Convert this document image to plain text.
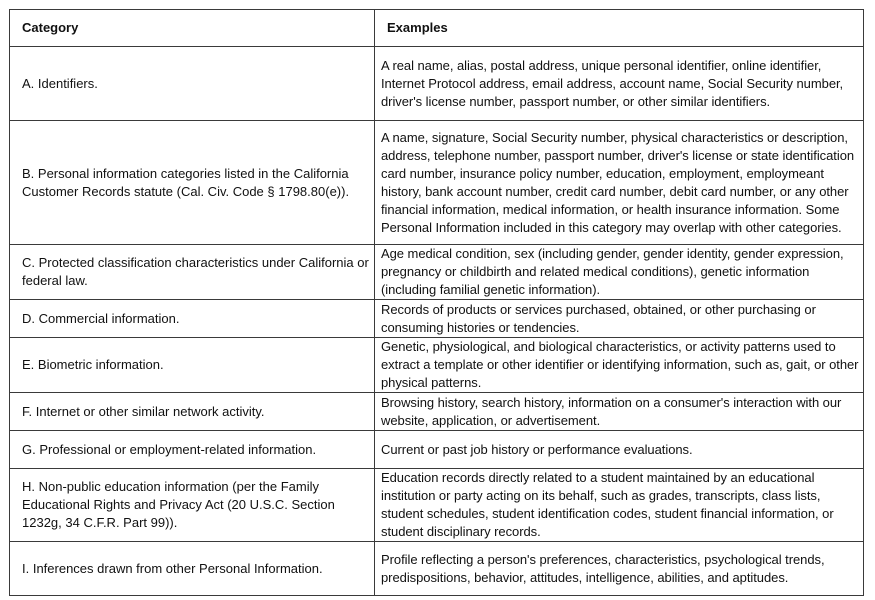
Category	Examples
A. Identifiers.	A real name, alias, postal address, unique personal identifier, online identifier, Internet Protocol address, email address, account name, Social Security number, driver's license number, passport number, or other similar identifiers.
B. Personal information categories listed in the California Customer Records statute (Cal. Civ. Code § 1798.80(e)).	A name, signature, Social Security number, physical characteristics or description, address, telephone number, passport number, driver's license or state identification card number, insurance policy number, education, employment, employmeant history, bank account number, credit card number, debit card number, or any other financial information, medical information, or health insurance information. Some Personal Information included in this category may overlap with other categories.
C. Protected classification characteristics under California or federal law.	Age medical condition, sex (including gender, gender identity, gender expression, pregnancy or childbirth and related medical conditions), genetic information (including familial genetic information).
D. Commercial information.	Records of products or services purchased, obtained, or other purchasing or consuming histories or tendencies.
E. Biometric information.	Genetic, physiological, and biological characteristics, or activity patterns used to extract a template or other identifier or identifying information, such as, gait, or other physical patterns.
F. Internet or other similar network activity.	Browsing history, search history, information on a consumer's interaction with our website, application, or advertisement.
G. Professional or employment-related information.	Current or past job history or performance evaluations.
H. Non-public education information (per the Family Educational Rights and Privacy Act (20 U.S.C. Section 1232g, 34 C.F.R. Part 99)).	Education records directly related to a student maintained by an educational institution or party acting on its behalf, such as grades, transcripts, class lists, student schedules, student identification codes, student financial information, or student disciplinary records.
I. Inferences drawn from other Personal Information.	Profile reflecting a person's preferences, characteristics, psychological trends, predispositions, behavior, attitudes, intelligence, abilities, and aptitudes.
